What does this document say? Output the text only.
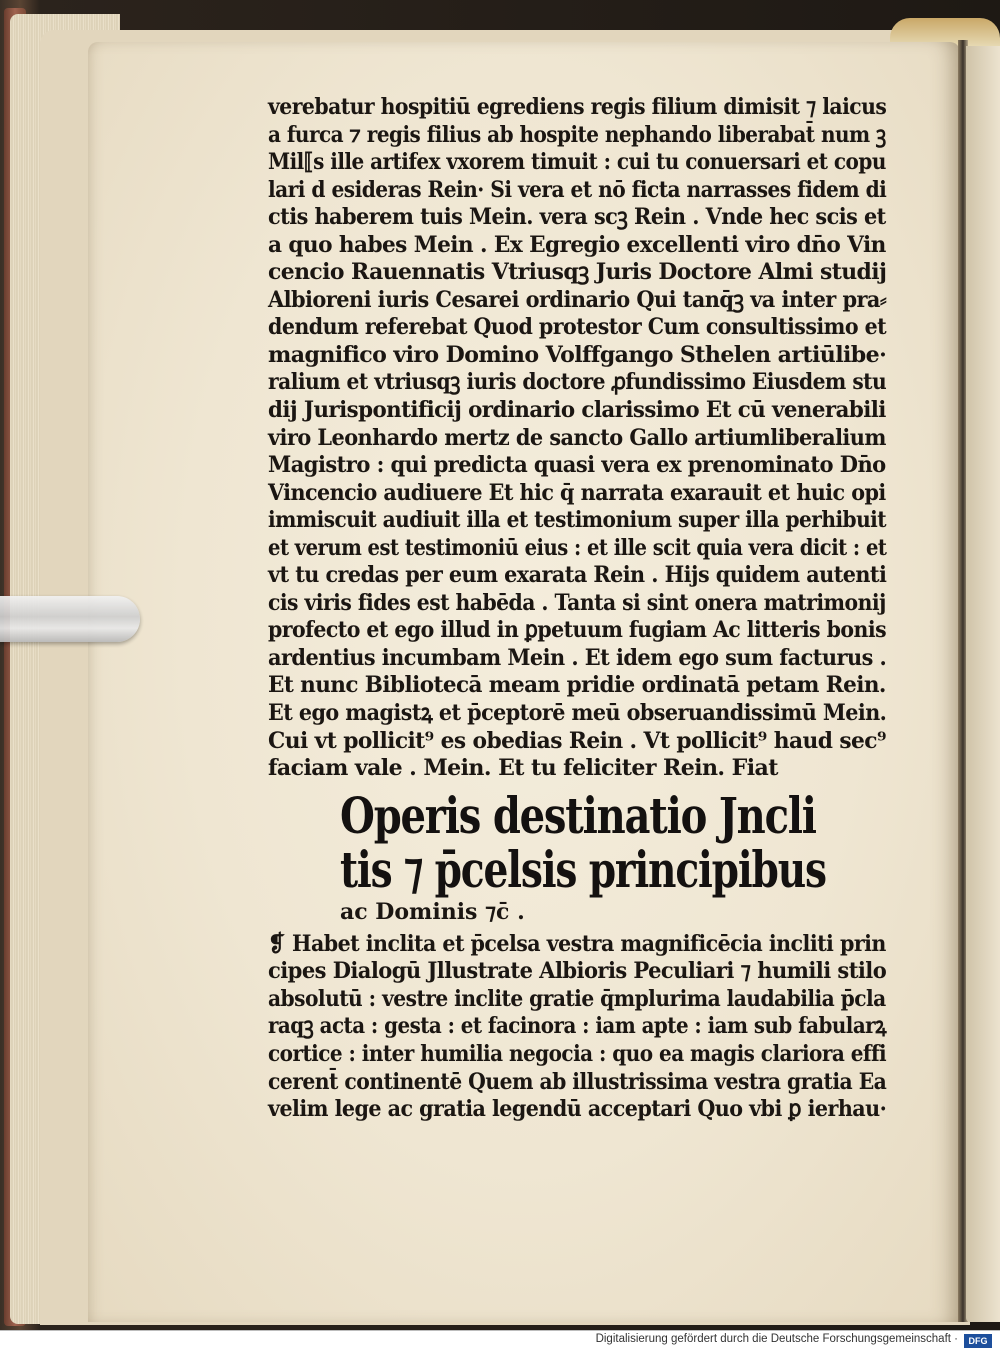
verebatur hospitiū egrediens regis filium dimisit ⁊ laicus
a furca ⁊ regis filius ab hospite nephando liberabat̄ num ꝫ
Mil⟦s ille artifex vxorem timuit : cui tu conuersari et copu
lari d esideras Rein· Si vera et nō ficta narrasses fidem di
ctis haberem tuis Mein. vera scꝫ Rein . Vnde hec scis et
a quo habes Mein . Ex Egregio excellenti viro dn̄o Vin
cencio Rauennatis Vtriusqꝫ Juris Doctore Almi studij
Albioreni iuris Cesarei ordinario Qui tanq̄ꝫ va inter pra⸗
dendum referebat Quod protestor Cum consultissimo et
magnifico viro Domino Volffgango Sthelen artiūlibe·
ralium et vtriusqꝫ iuris doctore ꝓfundissimo Eiusdem stu
dij Jurispontificij ordinario clarissimo Et cū venerabili
viro Leonhardo mertz de sancto Gallo artiumliberalium
Magistro : qui predicta quasi vera ex prenominato Dn̄o
Vincencio audiuere Et hic q̄ narrata exarauit et huic opi
immiscuit audiuit illa et testimonium super illa perhibuit
et verum est testimoniū eius : et ille scit quia vera dicit : et
vt tu credas per eum exarata Rein . Hijs quidem autenti
cis viris fides est habēda . Tanta si sint onera matrimonij
profecto et ego illud in ꝑpetuum fugiam Ac litteris bonis
ardentius incumbam Mein . Et idem ego sum facturus .
Et nunc Bibliotecā meam pridie ordinatā petam Rein.
Et ego magistꝝ et p̄ceptorē meū obseruandissimū Mein.
Cui vt pollicit⁹ es obedias Rein . Vt pollicit⁹ haud sec⁹
faciam vale . Mein. Et tu feliciter Rein. Fiat
Operis destinatio Jncli
tis ⁊ p̄celsis principibus
ac Dominis ⁊c̄ .
❡ Habet inclita et p̄celsa vestra magnificēcia incliti prin
cipes Dialogū Jllustrate Albioris Peculiari ⁊ humili stilo
absolutū : vestre inclite gratie q̄mplurima laudabilia p̄cla
raqꝫ acta : gesta : et facinora : iam apte : iam sub fabularꝝ
cortice : inter humilia negocia : quo ea magis clariora effi
cerent̄ continentē Quem ab illustrissima vestra gratia Ea
velim lege ac gratia legendū acceptari Quo vbi ꝑ ierhau·
Digitalisierung gefördert durch die Deutsche Forschungsgemeinschaft ·	DFG
